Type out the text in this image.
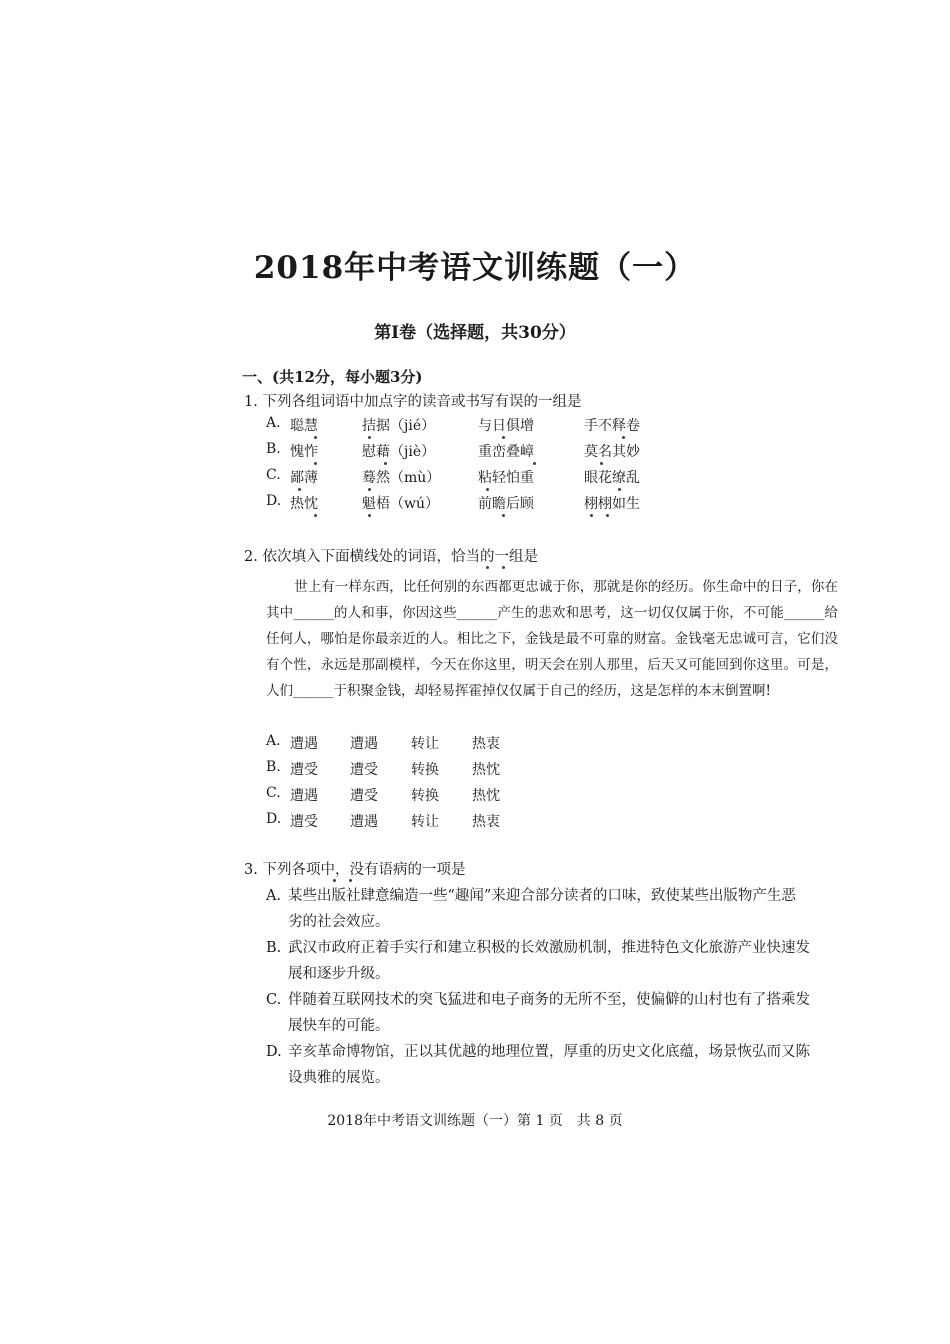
2018年中考语文训练题（一）
第Ⅰ卷（选择题，共30分）
一、(共12分，每小题3分)
1. 下列各组词语中加点字的读音或书写有误的一组是
A. 聪慧	拮据（jié）	与日俱增	手不释卷
B. 愧怍	慰藉（jiè）	重峦叠嶂	莫名其妙
C. 鄙薄	蓦然（mù）	粘轻怕重	眼花缭乱
D. 热忱	魁梧（wú）	前瞻后顾	栩栩如生
2. 依次填入下面横线处的词语，恰当的一组是
世上有一样东西，比任何别的东西都更忠诚于你，那就是你的经历。你生命中的日子，你在其中______的人和事，你因这些______产生的悲欢和思考，这一切仅仅属于你，不可能______给任何人，哪怕是你最亲近的人。相比之下，金钱是最不可靠的财富。金钱毫无忠诚可言，它们没有个性，永远是那副模样，今天在你这里，明天会在别人那里，后天又可能回到你这里。可是，人们______于积聚金钱，却轻易挥霍掉仅仅属于自己的经历，这是怎样的本末倒置啊!
A. 遭遇 遭遇 转让 热衷
B. 遭受 遭受 转换 热忱
C. 遭遇 遭受 转换 热忱
D. 遭受 遭遇 转让 热衷
3. 下列各项中，没有语病的一项是
A. 某些出版社肆意编造一些“趣闻”来迎合部分读者的口味，致使某些出版物产生恶
劣的社会效应。
B. 武汉市政府正着手实行和建立积极的长效激励机制，推进特色文化旅游产业快速发
展和逐步升级。
C. 伴随着互联网技术的突飞猛进和电子商务的无所不至，使偏僻的山村也有了搭乘发
展快车的可能。
D. 辛亥革命博物馆，正以其优越的地理位置，厚重的历史文化底蕴，场景恢弘而又陈
设典雅的展览。
2018年中考语文训练题（一）第 1 页　共 8 页
